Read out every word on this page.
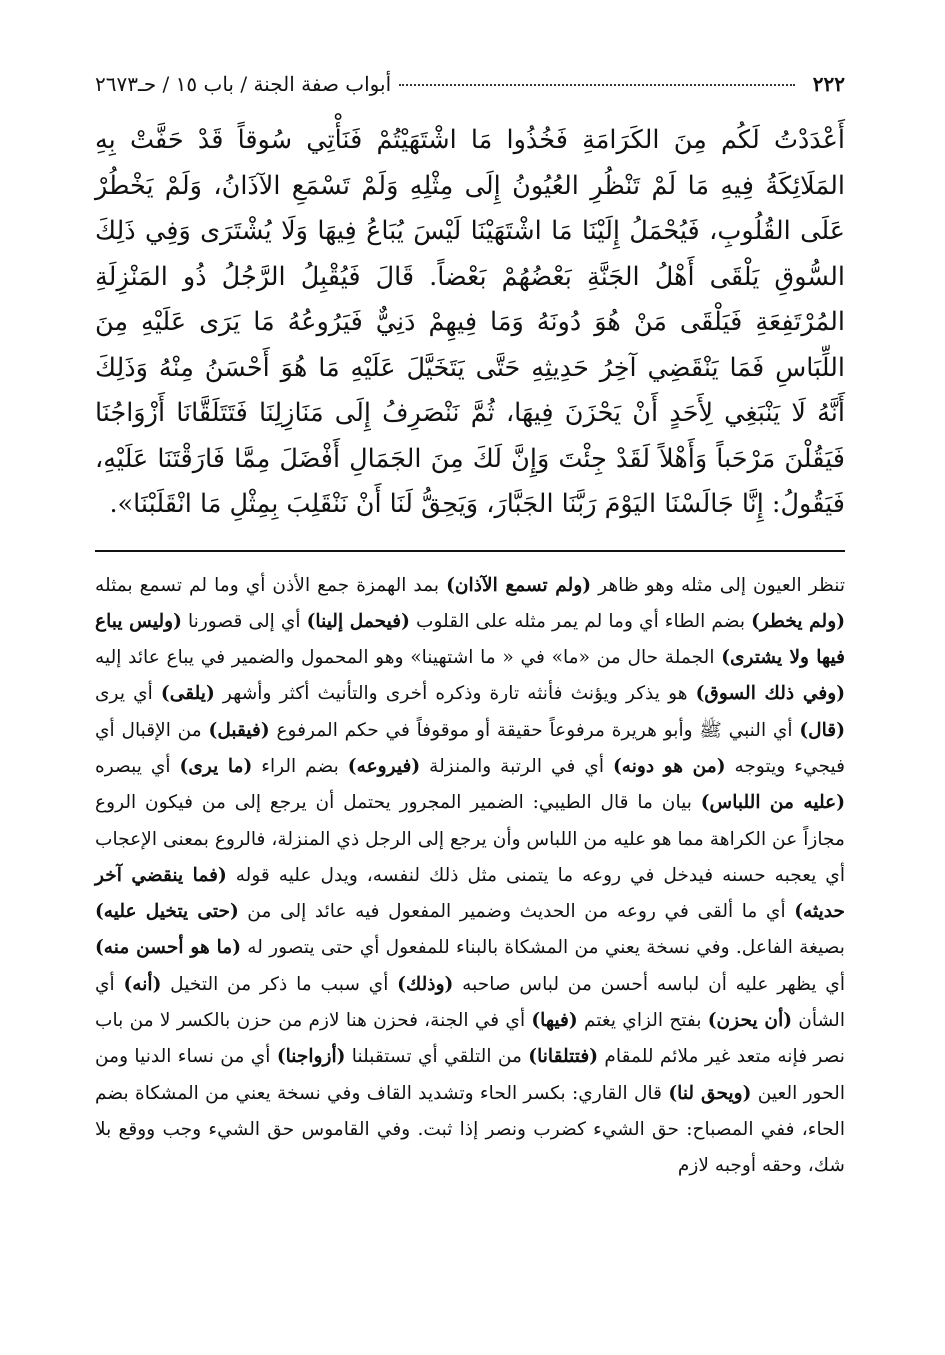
٢٢٢
أبواب صفة الجنة / باب ١٥ / حـ٢٦٧٣
أَعْدَدْتُ لَكُم مِنَ الكَرَامَةِ فَخُذُوا مَا اشْتَهَيْتُمْ فَنَأْتِي سُوقاً قَدْ حَفَّتْ بِهِ المَلَائِكَةُ فِيهِ مَا لَمْ تَنْظُرِ العُيُونُ إِلَى مِثْلِهِ وَلَمْ تَسْمَعِ الآذَانُ، وَلَمْ يَخْطُرْ عَلَى القُلُوبِ، فَيُحْمَلُ إِلَيْنَا مَا اشْتَهَيْنَا لَيْسَ يُبَاعُ فِيهَا وَلَا يُشْتَرَى وَفِي ذَلِكَ السُّوقِ يَلْقَى أَهْلُ الجَنَّةِ بَعْضُهُمْ بَعْضاً. قَالَ فَيُقْبِلُ الرَّجُلُ ذُو المَنْزِلَةِ المُرْتَفِعَةِ فَيَلْقَى مَنْ هُوَ دُونَهُ وَمَا فِيهِمْ دَنِيٌّ فَيَرُوعُهُ مَا يَرَى عَلَيْهِ مِنَ اللِّبَاسِ فَمَا يَنْقَضِي آخِرُ حَدِيثِهِ حَتَّى يَتَخَيَّلَ عَلَيْهِ مَا هُوَ أَحْسَنُ مِنْهُ وَذَلِكَ أَنَّهُ لَا يَنْبَغِي لِأَحَدٍ أَنْ يَحْزَنَ فِيهَا، ثُمَّ نَنْصَرِفُ إِلَى مَنَازِلِنَا فَتَتَلَقَّانَا أَزْوَاجُنَا فَيَقُلْنَ مَرْحَباً وَأَهْلاً لَقَدْ جِئْتَ وَإِنَّ لَكَ مِنَ الجَمَالِ أَفْضَلَ مِمَّا فَارَقْتَنَا عَلَيْهِ، فَيَقُولُ: إِنَّا جَالَسْنَا اليَوْمَ رَبَّنَا الجَبَّارَ، وَيَحِقُّ لَنَا أَنْ نَنْقَلِبَ بِمِثْلِ مَا انْقَلَبْنَا».
تنظر العيون إلى مثله وهو ظاهر (ولم تسمع الآذان) بمد الهمزة جمع الأذن أي وما لم تسمع بمثله (ولم يخطر) بضم الطاء أي وما لم يمر مثله على القلوب (فيحمل إلينا) أي إلى قصورنا (وليس يباع فيها ولا يشترى) الجملة حال من «ما» في « ما اشتهينا» وهو المحمول والضمير في يباع عائد إليه (وفي ذلك السوق) هو يذكر ويؤنث فأنثه تارة وذكره أخرى والتأنيث أكثر وأشهر (يلقى) أي يرى (قال) أي النبي ﷺ وأبو هريرة مرفوعاً حقيقة أو موقوفاً في حكم المرفوع (فيقبل) من الإقبال أي فيجيء ويتوجه (من هو دونه) أي في الرتبة والمنزلة (فيروعه) بضم الراء (ما يرى) أي يبصره (عليه من اللباس) بيان ما قال الطيبي: الضمير المجرور يحتمل أن يرجع إلى من فيكون الروع مجازاً عن الكراهة مما هو عليه من اللباس وأن يرجع إلى الرجل ذي المنزلة، فالروع بمعنى الإعجاب أي يعجبه حسنه فيدخل في روعه ما يتمنى مثل ذلك لنفسه، ويدل عليه قوله (فما ينقضي آخر حديثه) أي ما ألقى في روعه من الحديث وضمير المفعول فيه عائد إلى من (حتى يتخيل عليه) بصيغة الفاعل. وفي نسخة يعني من المشكاة بالبناء للمفعول أي حتى يتصور له (ما هو أحسن منه) أي يظهر عليه أن لباسه أحسن من لباس صاحبه (وذلك) أي سبب ما ذكر من التخيل (أنه) أي الشأن (أن يحزن) بفتح الزاي يغتم (فيها) أي في الجنة، فحزن هنا لازم من حزن بالكسر لا من باب نصر فإنه متعد غير ملائم للمقام (فتتلقانا) من التلقي أي تستقبلنا (أزواجنا) أي من نساء الدنيا ومن الحور العين (ويحق لنا) قال القاري: بكسر الحاء وتشديد القاف وفي نسخة يعني من المشكاة بضم الحاء، ففي المصباح: حق الشيء كضرب ونصر إذا ثبت. وفي القاموس حق الشيء وجب ووقع بلا شك، وحقه أوجبه لازم
